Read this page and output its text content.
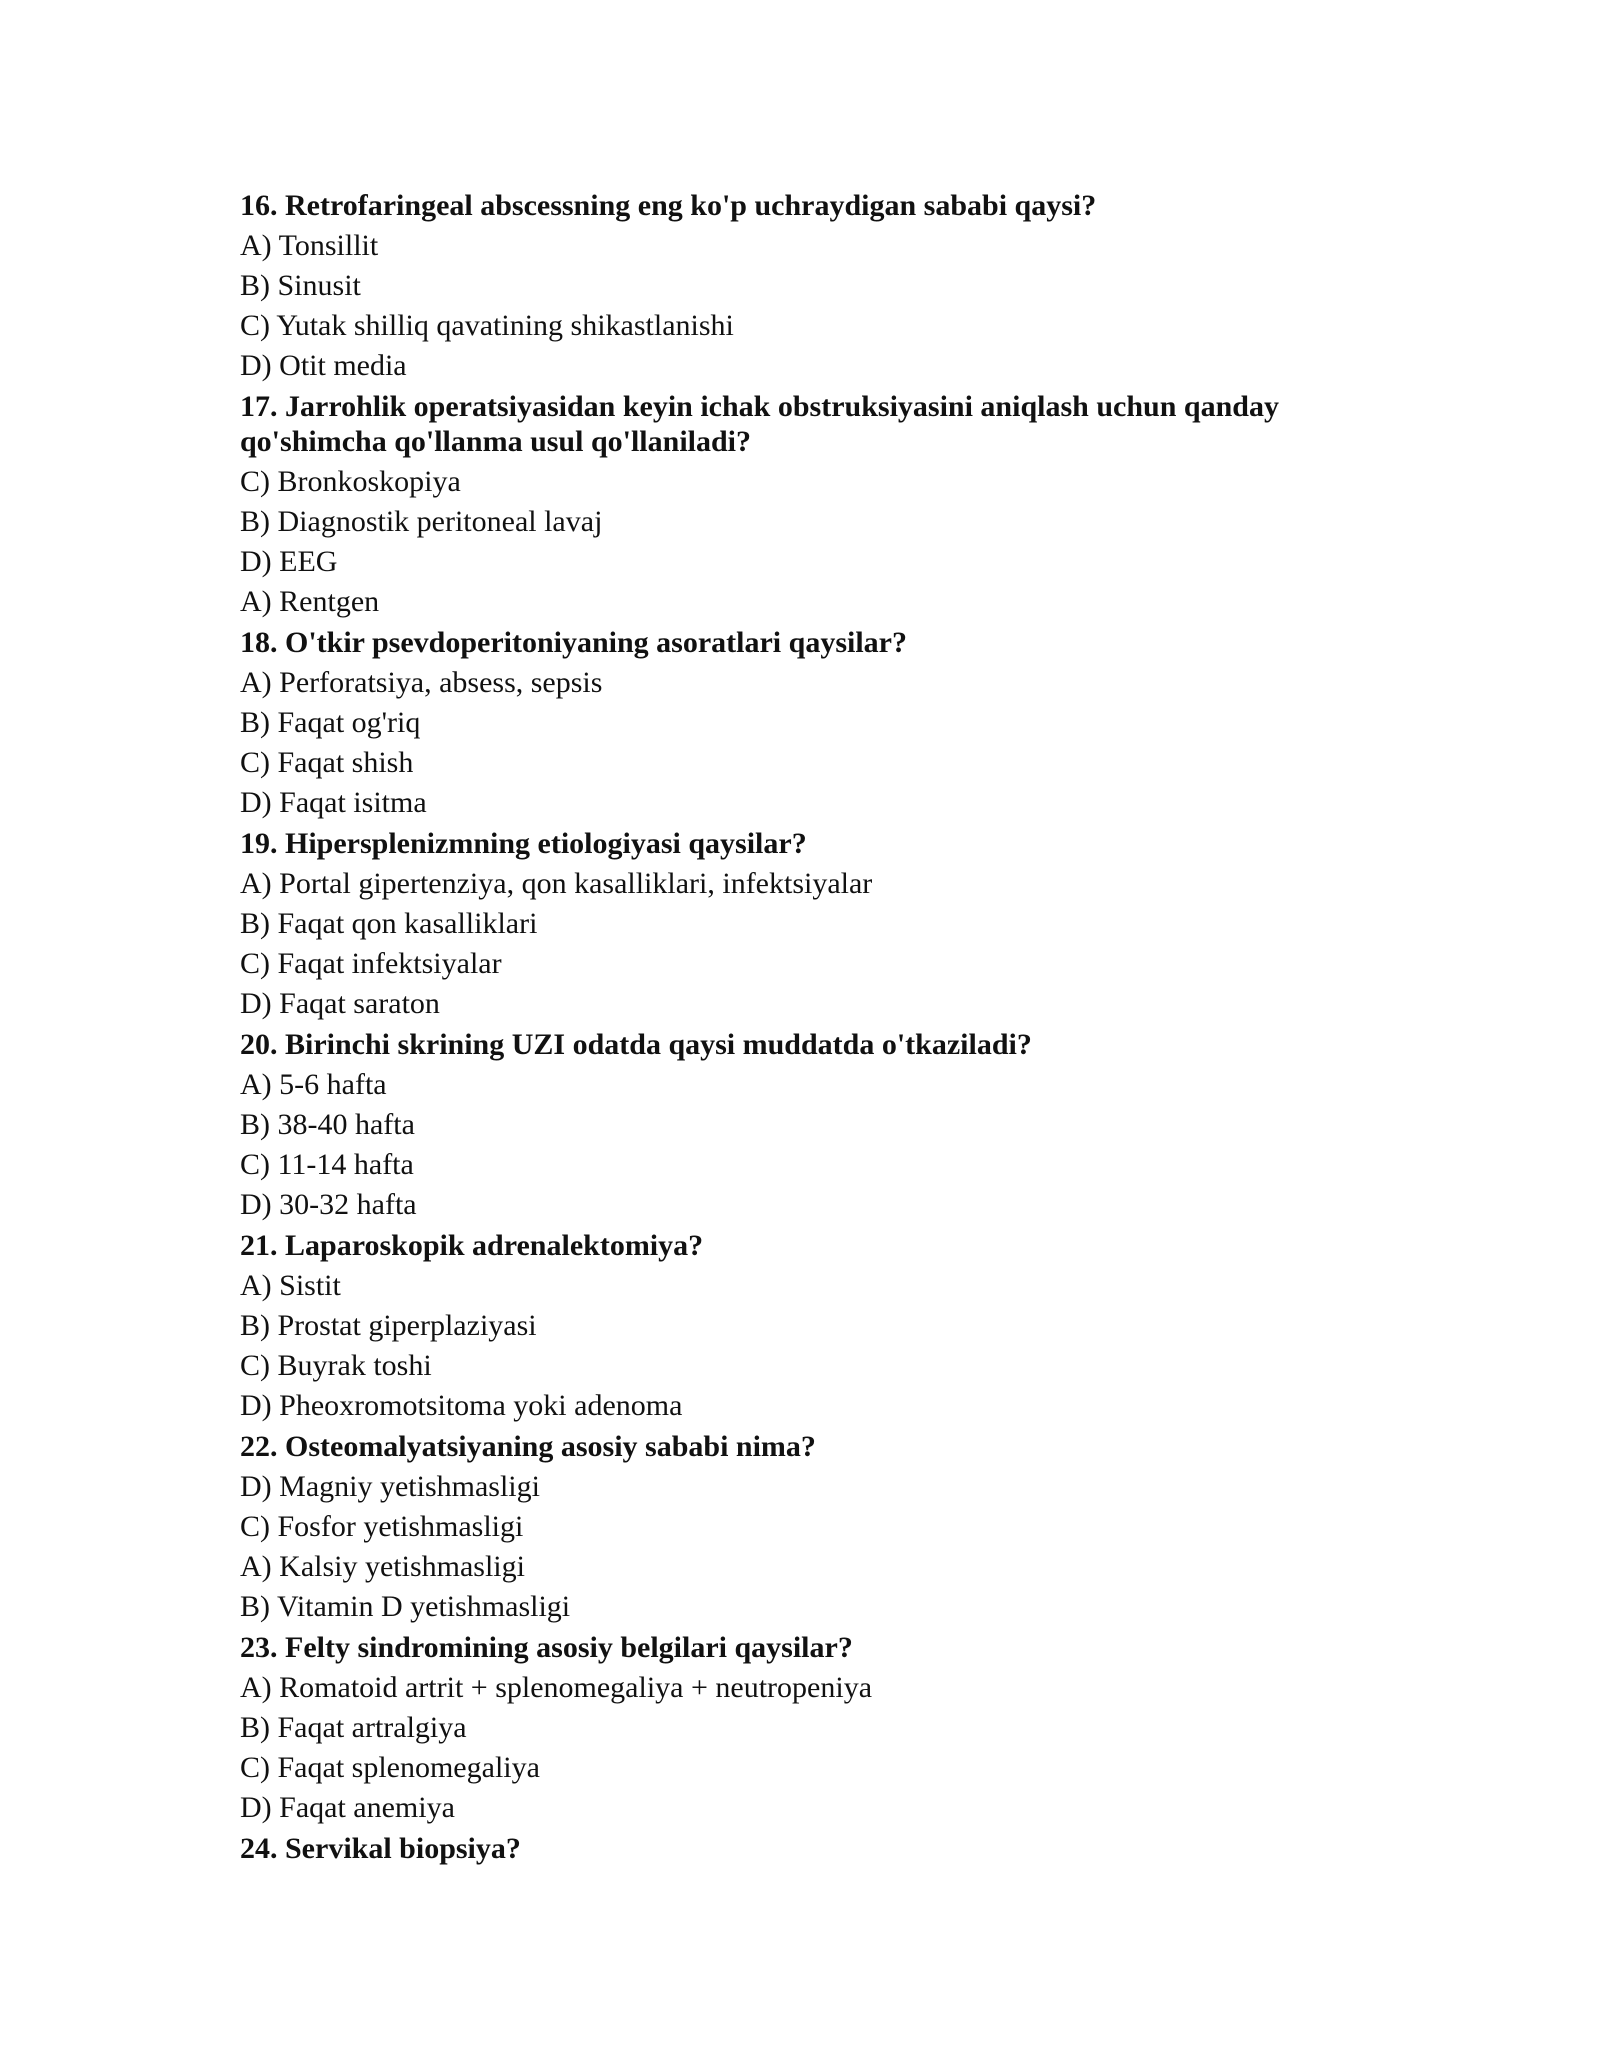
16. Retrofaringeal abscessning eng ko'p uchraydigan sababi qaysi?
A) Tonsillit
B) Sinusit
C) Yutak shilliq qavatining shikastlanishi
D) Otit media
17. Jarrohlik operatsiyasidan keyin ichak obstruksiyasini aniqlash uchun qanday qo'shimcha qo'llanma usul qo'llaniladi?
C) Bronkoskopiya
B) Diagnostik peritoneal lavaj
D) EEG
A) Rentgen
18. O'tkir psevdoperitoniyaning asoratlari qaysilar?
A) Perforatsiya, absess, sepsis
B) Faqat og'riq
C) Faqat shish
D) Faqat isitma
19. Hipersplenizmning etiologiyasi qaysilar?
A) Portal gipertenziya, qon kasalliklari, infektsiyalar
B) Faqat qon kasalliklari
C) Faqat infektsiyalar
D) Faqat saraton
20. Birinchi skrining UZI odatda qaysi muddatda o'tkaziladi?
A) 5-6 hafta
B) 38-40 hafta
C) 11-14 hafta
D) 30-32 hafta
21. Laparoskopik adrenalektomiya?
A) Sistit
B) Prostat giperplaziyasi
C) Buyrak toshi
D) Pheoxromotsitoma yoki adenoma
22. Osteomalyatsiyaning asosiy sababi nima?
D) Magniy yetishmasligi
C) Fosfor yetishmasligi
A) Kalsiy yetishmasligi
B) Vitamin D yetishmasligi
23. Felty sindromining asosiy belgilari qaysilar?
A) Romatoid artrit + splenomegaliya + neutropeniya
B) Faqat artralgiya
C) Faqat splenomegaliya
D) Faqat anemiya
24. Servikal biopsiya?
